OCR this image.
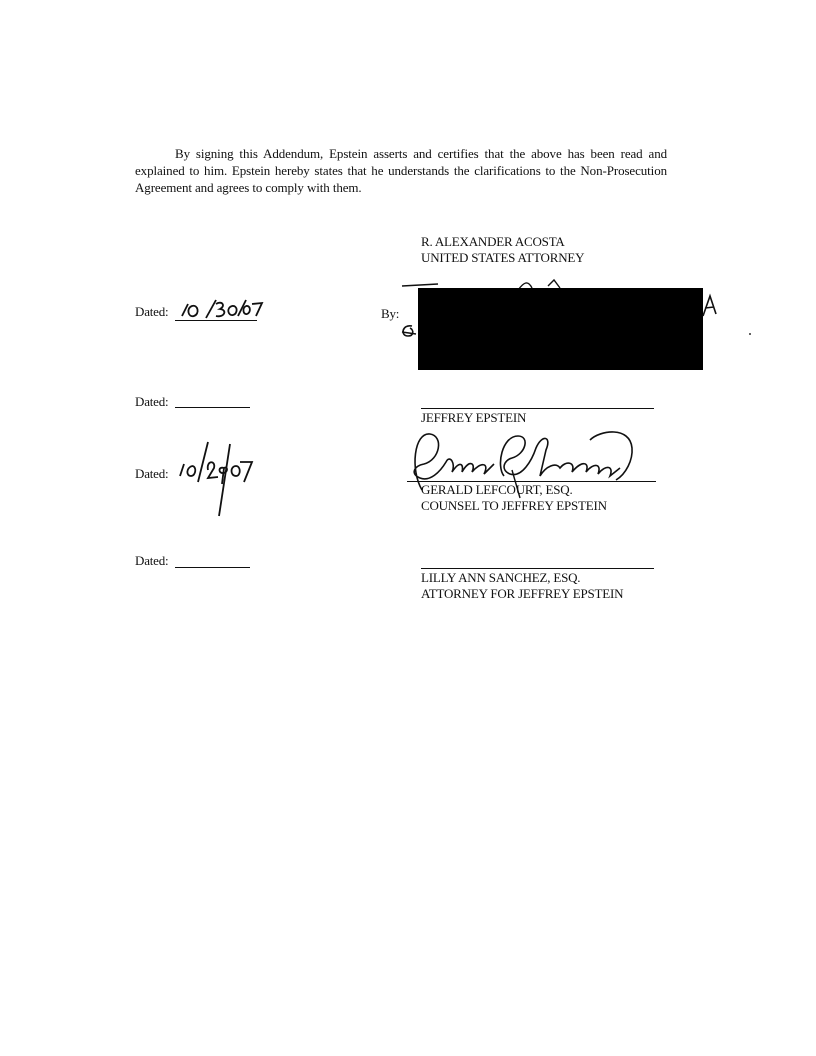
By signing this Addendum, Epstein asserts and certifies that the above has been read and explained to him. Epstein hereby states that he understands the clarifications to the Non-Prosecution Agreement and agrees to comply with them.

R. ALEXANDER ACOSTA
UNITED STATES ATTORNEY
Dated:	By:
Dated:
JEFFREY EPSTEIN
Dated:
GERALD LEFCOURT, ESQ.
COUNSEL TO JEFFREY EPSTEIN
Dated:
LILLY ANN SANCHEZ, ESQ.
ATTORNEY FOR JEFFREY EPSTEIN
